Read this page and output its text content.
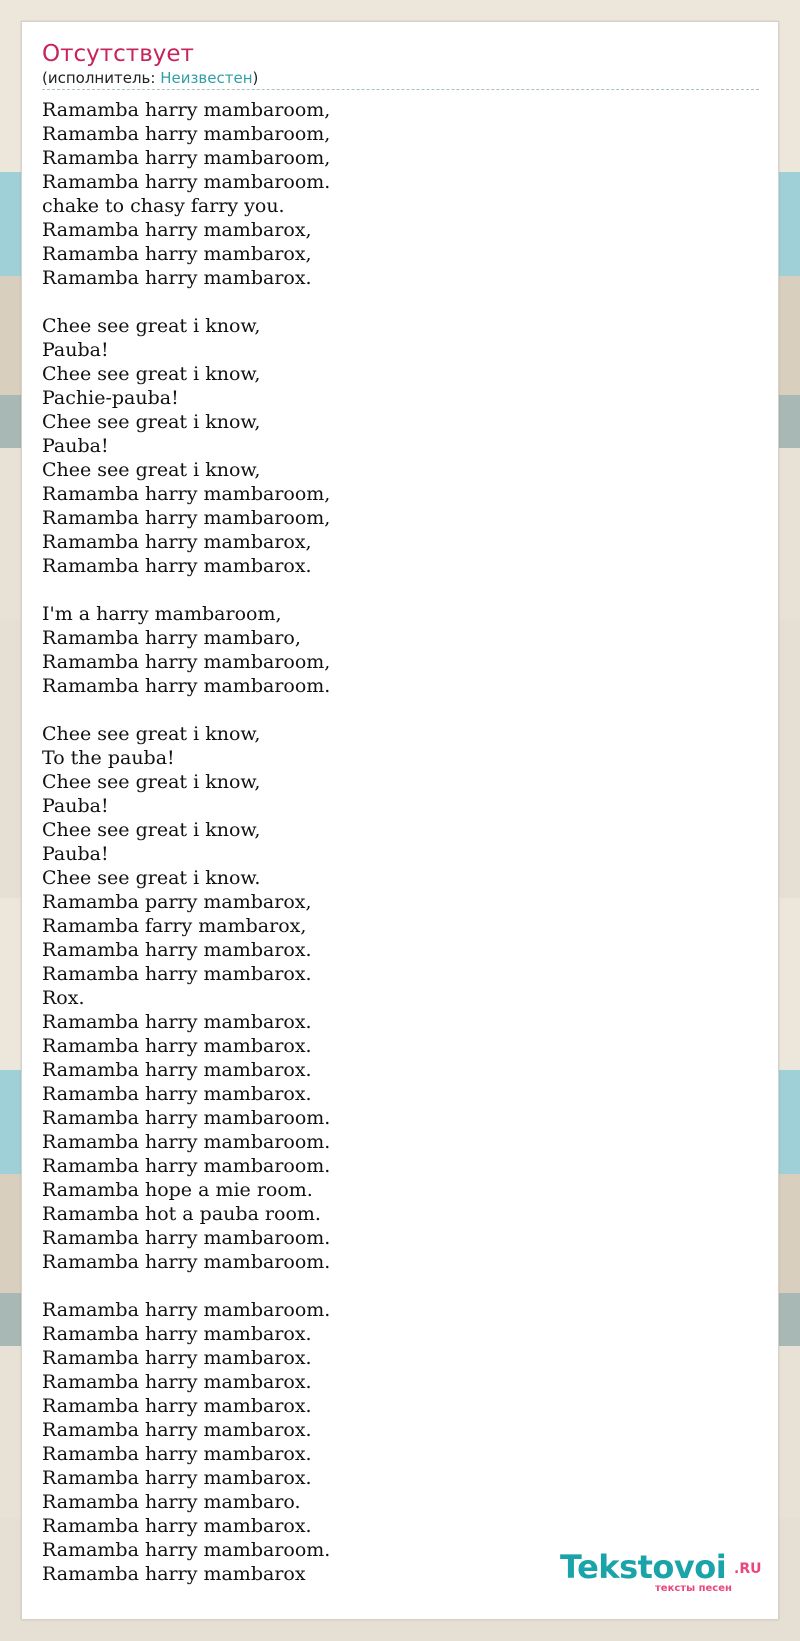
Отсутствует
(исполнитель: Неизвестен)
Ramamba harry mambaroom,
Ramamba harry mambaroom,
Ramamba harry mambaroom,
Ramamba harry mambaroom.
chake to chasy farry you.
Ramamba harry mambarox,
Ramamba harry mambarox,
Ramamba harry mambarox.
Chee see great i know,
Pauba!
Chee see great i know,
Pachie-pauba!
Chee see great i know,
Pauba!
Chee see great i know,
Ramamba harry mambaroom,
Ramamba harry mambaroom,
Ramamba harry mambarox,
Ramamba harry mambarox.
I'm a harry mambaroom,
Ramamba harry mambaro,
Ramamba harry mambaroom,
Ramamba harry mambaroom.
Chee see great i know,
To the pauba!
Chee see great i know,
Pauba!
Chee see great i know,
Pauba!
Chee see great i know.
Ramamba parry mambarox,
Ramamba farry mambarox,
Ramamba harry mambarox.
Ramamba harry mambarox.
Rox.
Ramamba harry mambarox.
Ramamba harry mambarox.
Ramamba harry mambarox.
Ramamba harry mambarox.
Ramamba harry mambaroom.
Ramamba harry mambaroom.
Ramamba harry mambaroom.
Ramamba hope a mie room.
Ramamba hot a pauba room.
Ramamba harry mambaroom.
Ramamba harry mambaroom.
Ramamba harry mambaroom.
Ramamba harry mambarox.
Ramamba harry mambarox.
Ramamba harry mambarox.
Ramamba harry mambarox.
Ramamba harry mambarox.
Ramamba harry mambarox.
Ramamba harry mambarox.
Ramamba harry mambaro.
Ramamba harry mambarox.
Ramamba harry mambaroom.
Ramamba harry mambarox	Tekstovoi .RU
тексты песен
